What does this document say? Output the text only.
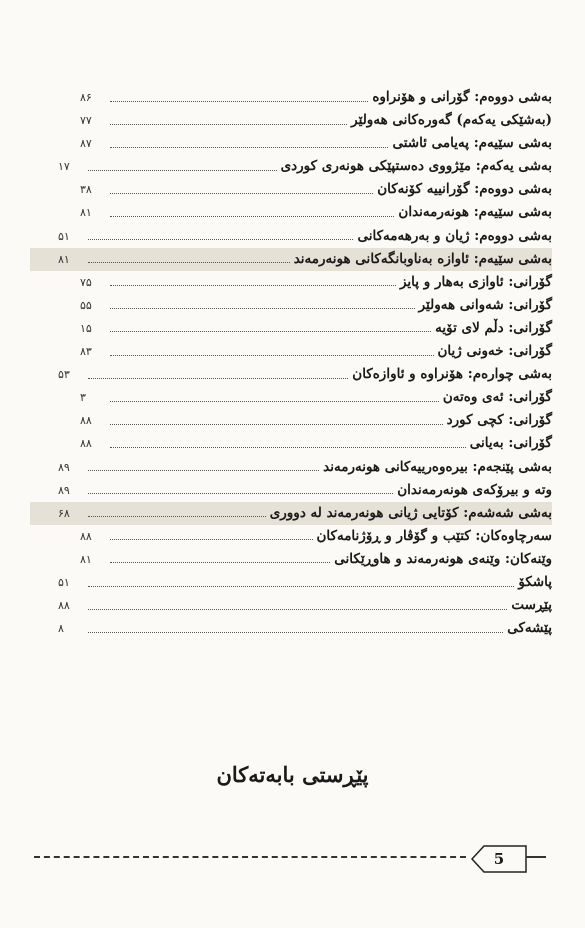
۸۶	بەشی دووەم: گۆرانی و هۆنراوە
۷۷	(بەشێکی یەکەم) گەورەکانی هەولێر
۸۷	بەشی سێیەم: پەیامی ئاشتی
۱۷	بەشی یەکەم: مێژووی دەستپێکی هونەری کوردی
۳۸	بەشی دووەم: گۆرانییە کۆنەکان
۸۱	بەشی سێیەم: هونەرمەندان
۵۱	بەشی دووەم: ژیان و بەرهەمەکانی
۸۱	بەشی سێیەم: ئاوازە بەناوبانگەکانی هونەرمەند
۷۵	گۆرانی: ئاوازی بەهار و پایز
۵۵	گۆرانی: شەوانی هەولێر
۱۵	گۆرانی: دڵم لای تۆیە
۸۳	گۆرانی: خەونی ژیان
۵۳	بەشی چوارەم: هۆنراوە و ئاوازەکان
۳	گۆرانی: ئەی وەتەن
۸۸	گۆرانی: کچی کورد
۸۸	گۆرانی: بەیانی
۸۹	بەشی پێنجەم: بیرەوەرییەکانی هونەرمەند
۸۹	وتە و بیرۆکەی هونەرمەندان
۶۸	بەشی شەشەم: کۆتایی ژیانی هونەرمەند لە دووری
۸۸	سەرچاوەکان: کتێب و گۆڤار و ڕۆژنامەکان
۸۱	وێنەکان: وێنەی هونەرمەند و هاوڕێکانی
۵۱	پاشکۆ
۸۸	پێڕست
۸	پێشەکی
پێڕستی بابەتەکان
5
